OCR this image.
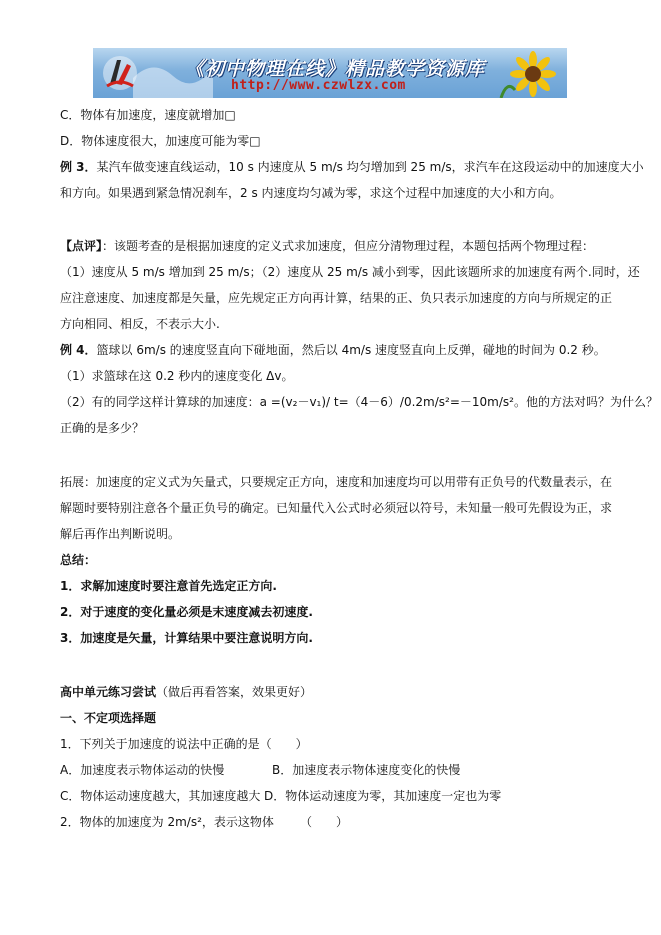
《初中物理在线》精品教学资源库
http://www.czwlzx.com
C．物体有加速度，速度就增加□
D．物体速度很大，加速度可能为零□
例 3．某汽车做变速直线运动，10 s 内速度从 5 m/s 均匀增加到 25 m/s，求汽车在这段运动中的加速度大小
和方向。如果遇到紧急情况刹车，2 s 内速度均匀减为零，求这个过程中加速度的大小和方向。
【点评】：该题考查的是根据加速度的定义式求加速度，但应分清物理过程，本题包括两个物理过程：
（1）速度从 5 m/s 增加到 25 m/s；（2）速度从 25 m/s 减小到零，因此该题所求的加速度有两个.同时，还
应注意速度、加速度都是矢量，应先规定正方向再计算，结果的正、负只表示加速度的方向与所规定的正
方向相同、相反，不表示大小.
例 4．篮球以 6m/s 的速度竖直向下碰地面，然后以 4m/s 速度竖直向上反弹，碰地的时间为 0.2 秒。
（1）求篮球在这 0.2 秒内的速度变化 Δv。
（2）有的同学这样计算球的加速度：a =(v₂－v₁)/ t=（4－6）/0.2m/s²=－10m/s²。他的方法对吗？为什么？
正确的是多少？
拓展：加速度的定义式为矢量式，只要规定正方向，速度和加速度均可以用带有正负号的代数量表示，在
解题时要特别注意各个量正负号的确定。已知量代入公式时必须冠以符号，未知量一般可先假设为正，求
解后再作出判断说明。
总结：
1．求解加速度时要注意首先选定正方向.
2．对于速度的变化量必须是末速度减去初速度.
3．加速度是矢量，计算结果中要注意说明方向.
高中单元练习尝试（做后再看答案，效果更好）
一、不定项选择题
1．下列关于加速度的说法中正确的是（　　）
A．加速度表示物体运动的快慢	B．加速度表示物体速度变化的快慢
C．物体运动速度越大，其加速度越大 D．物体运动速度为零，其加速度一定也为零
2．物体的加速度为 2m/s²，表示这物体 （　　）
